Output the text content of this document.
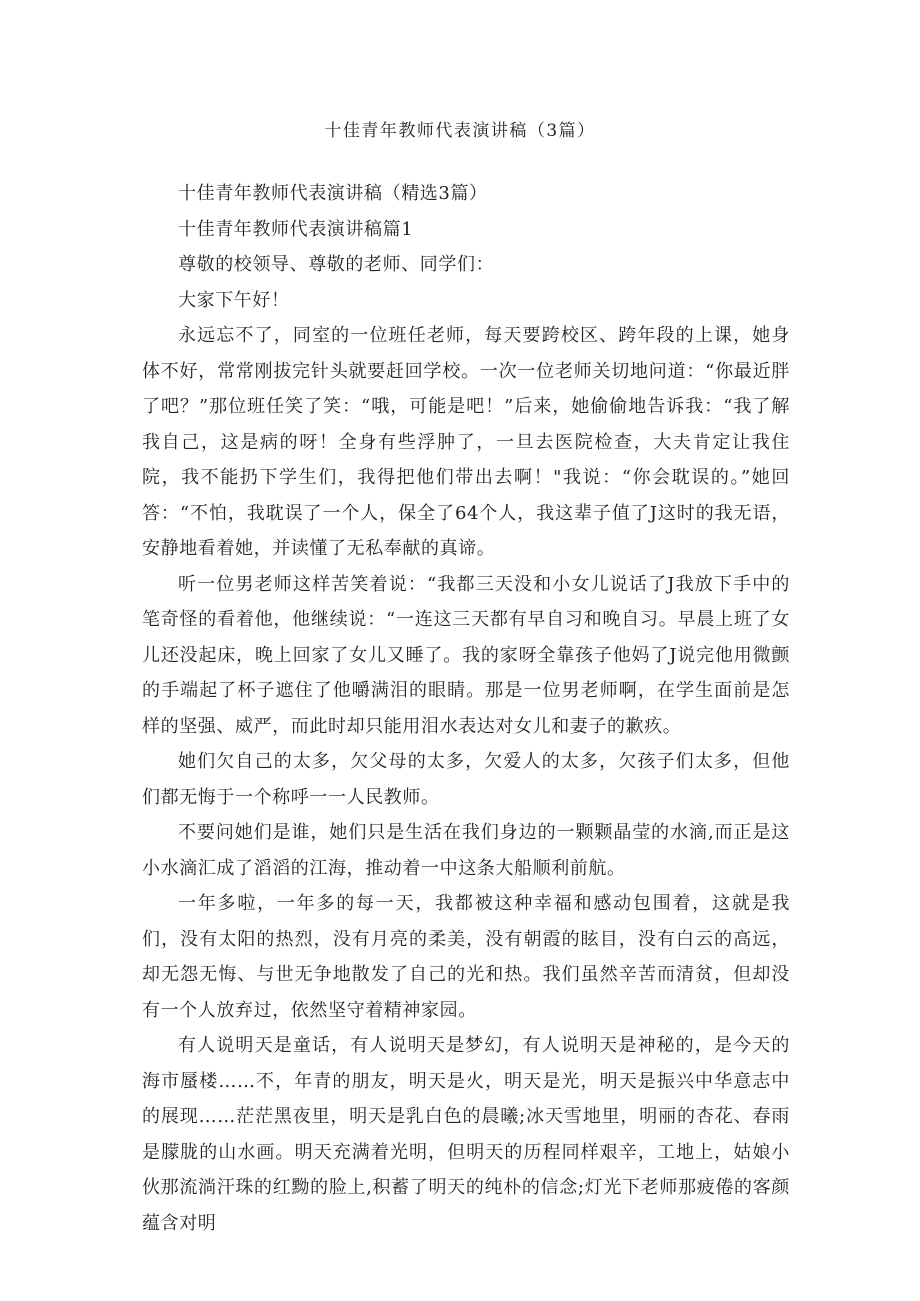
十佳青年教师代表演讲稿（3篇）

十佳青年教师代表演讲稿（精选3篇）

十佳青年教师代表演讲稿篇1

尊敬的校领导、尊敬的老师、同学们：

大家下午好！

永远忘不了，同室的一位班任老师，每天要跨校区、跨年段的上课，她身体不好，常常刚拔完针头就要赶回学校。一次一位老师关切地问道：“你最近胖了吧？”那位班任笑了笑：“哦，可能是吧！”后来，她偷偷地告诉我：“我了解我自己，这是病的呀！全身有些浮肿了，一旦去医院检查，大夫肯定让我住院，我不能扔下学生们，我得把他们带出去啊！"我说：“你会耽误的。”她回答：“不怕，我耽误了一个人，保全了64个人，我这辈子值了J这时的我无语，安静地看着她，并读懂了无私奉献的真谛。

听一位男老师这样苦笑着说：“我都三天没和小女儿说话了J我放下手中的笔奇怪的看着他，他继续说：“一连这三天都有早自习和晚自习。早晨上班了女儿还没起床，晚上回家了女儿又睡了。我的家呀全靠孩子他妈了J说完他用微颤的手端起了杯子遮住了他嚼满泪的眼睛。那是一位男老师啊，在学生面前是怎样的坚强、威严，而此时却只能用泪水表达对女儿和妻子的歉疚。

她们欠自己的太多，欠父母的太多，欠爱人的太多，欠孩子们太多，但他们都无悔于一个称呼一一人民教师。

不要问她们是谁，她们只是生活在我们身边的一颗颗晶莹的水滴,而正是这小水滴汇成了滔滔的江海，推动着一中这条大船顺利前航。

一年多啦，一年多的每一天，我都被这种幸福和感动包围着，这就是我们，没有太阳的热烈，没有月亮的柔美，没有朝霞的眩目，没有白云的高远，却无怨无悔、与世无争地散发了自己的光和热。我们虽然辛苦而清贫，但却没有一个人放弃过，依然坚守着精神家园。

有人说明天是童话，有人说明天是梦幻，有人说明天是神秘的，是今天的海市蜃楼……不，年青的朋友，明天是火，明天是光，明天是振兴中华意志中的展现……茫茫黑夜里，明天是乳白色的晨曦;冰天雪地里，明丽的杏花、春雨是朦胧的山水画。明天充满着光明，但明天的历程同样艰辛，工地上，姑娘小伙那流淌汗珠的红黝的脸上,积蓄了明天的纯朴的信念;灯光下老师那疲倦的客颜蕴含对明
